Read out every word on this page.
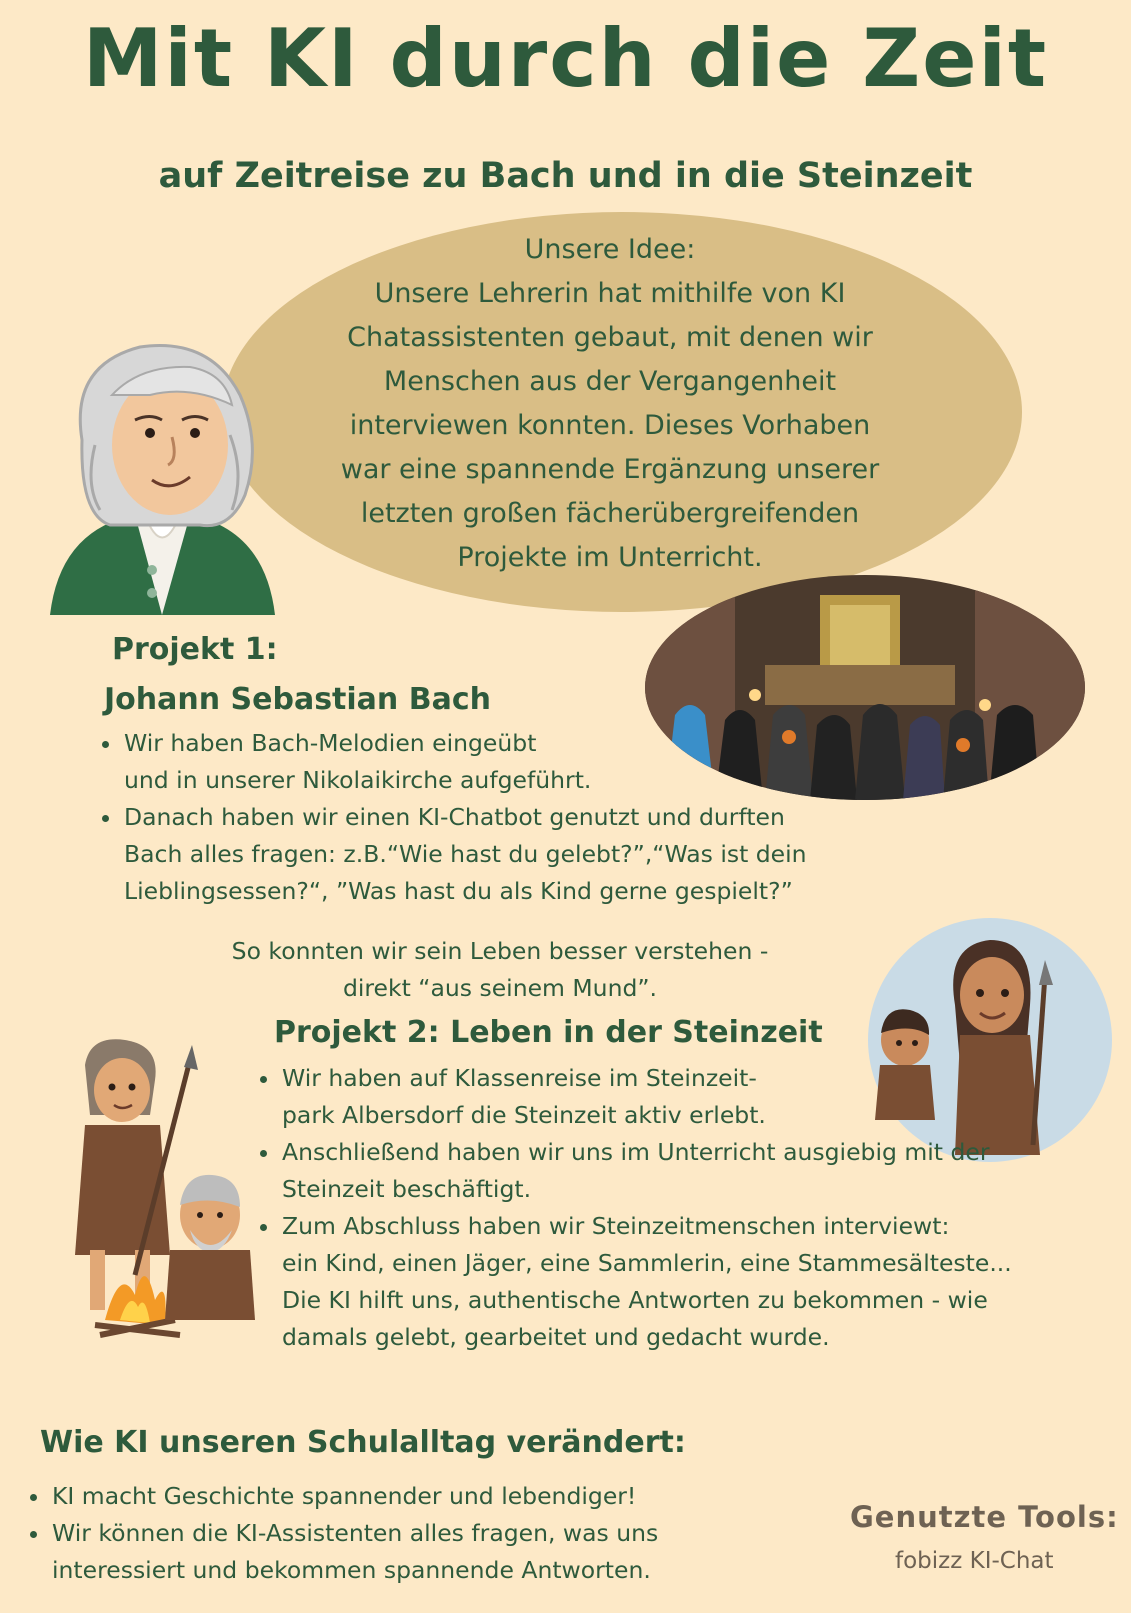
Mit KI durch die Zeit
auf Zeitreise zu Bach und in die Steinzeit
Unsere Idee:
Unsere Lehrerin hat mithilfe von KI
Chatassistenten gebaut, mit denen wir
Menschen aus der Vergangenheit
interviewen konnten. Dieses Vorhaben
war eine spannende Ergänzung unserer
letzten großen fächerübergreifenden
Projekte im Unterricht.
Projekt 1:
Johann Sebastian Bach
Wir haben Bach-Melodien eingeübt
und in unserer Nikolaikirche aufgeführt.
Danach haben wir einen KI-Chatbot genutzt und durften
Bach alles fragen: z.B.“Wie hast du gelebt?”,“Was ist dein
Lieblingsessen?“, ”Was hast du als Kind gerne gespielt?”
So konnten wir sein Leben besser verstehen -
direkt “aus seinem Mund”.
Projekt 2: Leben in der Steinzeit
Wir haben auf Klassenreise im Steinzeit-
park Albersdorf die Steinzeit aktiv erlebt.
Anschließend haben wir uns im Unterricht ausgiebig mit der
Steinzeit beschäftigt.
Zum Abschluss haben wir Steinzeitmenschen interviewt:
ein Kind, einen Jäger, eine Sammlerin, eine Stammesälteste...
Die KI hilft uns, authentische Antworten zu bekommen - wie
damals gelebt, gearbeitet und gedacht wurde.
Wie KI unseren Schulalltag verändert:
KI macht Geschichte spannender und lebendiger!
Wir können die KI-Assistenten alles fragen, was uns
interessiert und bekommen spannende Antworten.
Genutzte Tools:
fobizz KI-Chat
